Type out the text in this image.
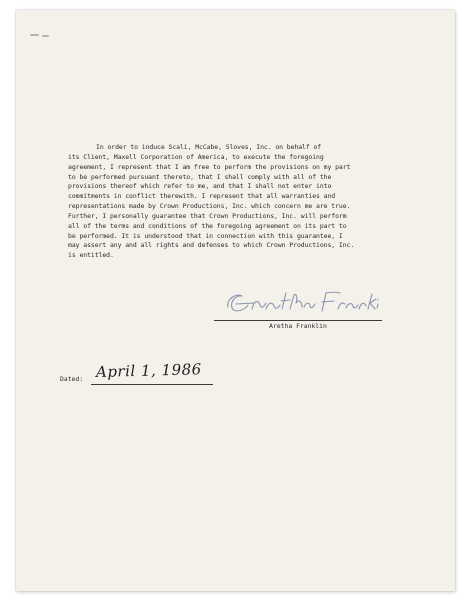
In order to induce Scali, McCabe, Sloves, Inc. on behalf of
its Client, Maxell Corporation of America, to execute the foregoing
agreement, I represent that I am free to perform the provisions on my part
to be performed pursuant thereto, that I shall comply with all of the
provisions thereof which refer to me, and that I shall not enter into
commitments in conflict therewith. I represent that all warranties and
representations made by Crown Productions, Inc. which concern me are true.
Further, I personally guarantee that Crown Productions, Inc. will perform
all of the terms and conditions of the foregoing agreement on its part to
be performed. It is understood that in connection with this guarantee, I
may assert any and all rights and defenses to which Crown Productions, Inc.
is entitled.
Aretha Franklin
Dated: April 1, 1986
